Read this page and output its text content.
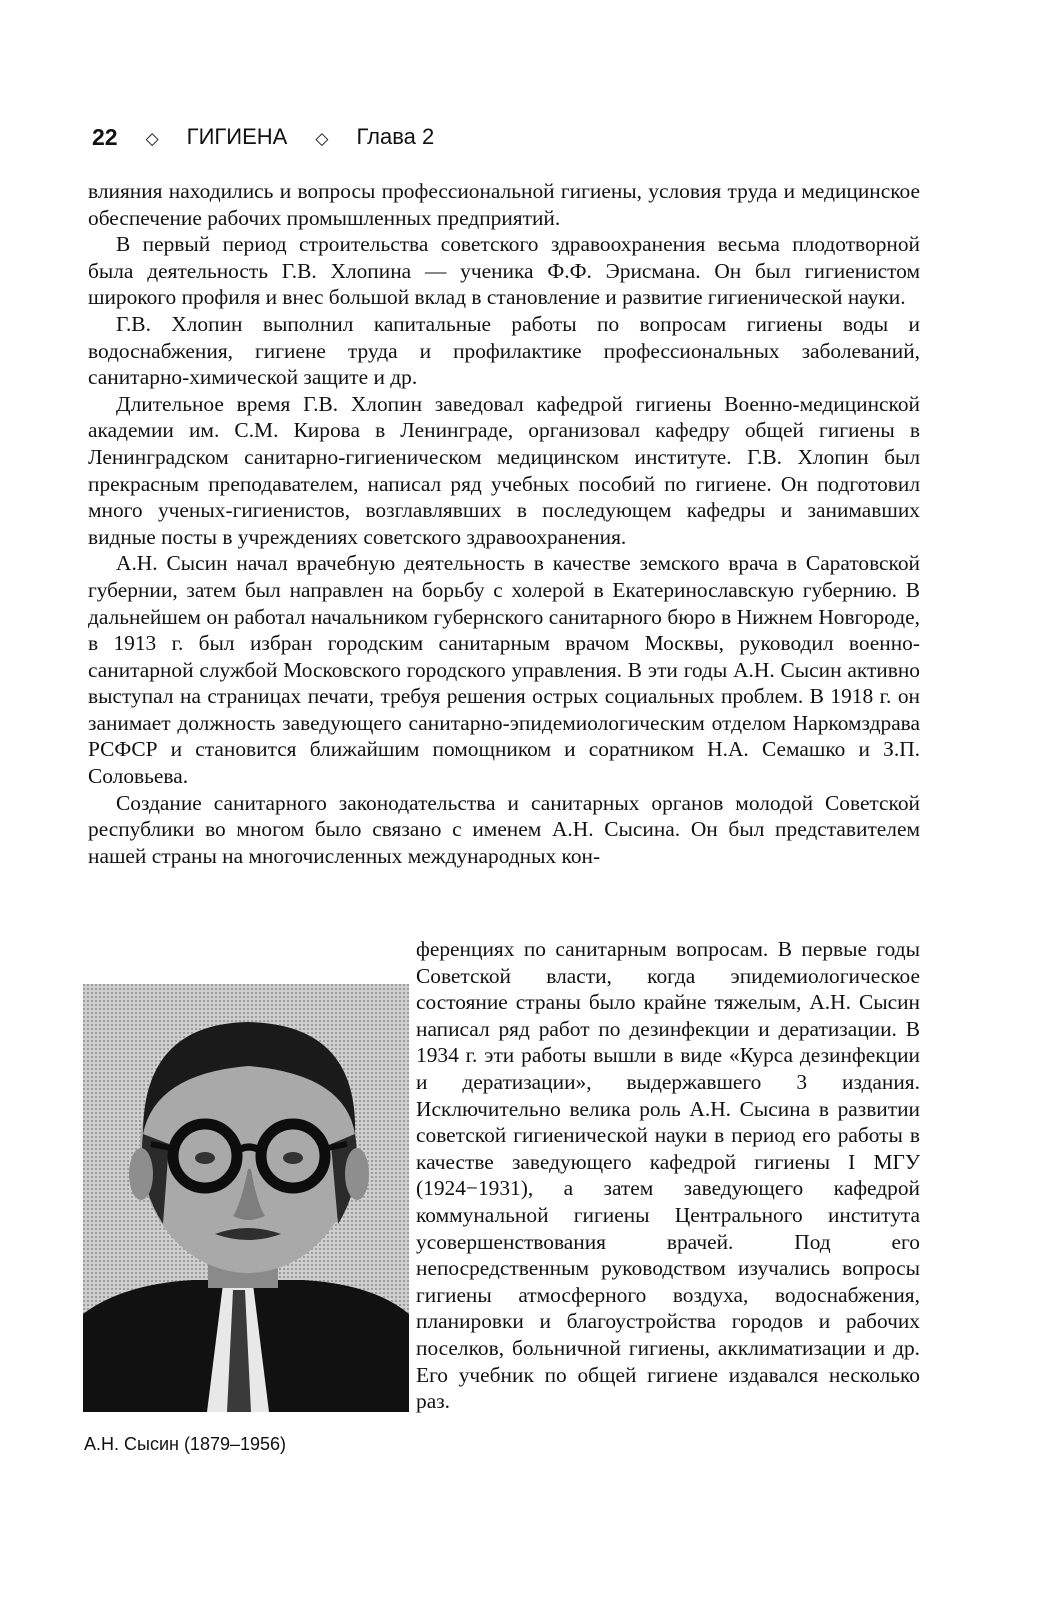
22 ◇ ГИГИЕНА ◇ Глава 2

влияния находились и вопросы профессиональной гигиены, условия труда и медицинское обеспечение рабочих промышленных предприятий.

В первый период строительства советского здравоохранения весьма плодотворной была деятельность Г.В. Хлопина — ученика Ф.Ф. Эрисмана. Он был гигиенистом широкого профиля и внес большой вклад в становление и развитие гигиенической науки.

Г.В. Хлопин выполнил капитальные работы по вопросам гигиены воды и водоснабжения, гигиене труда и профилактике профессиональных заболеваний, санитарно-химической защите и др.

Длительное время Г.В. Хлопин заведовал кафедрой гигиены Военно-медицинской академии им. С.М. Кирова в Ленинграде, организовал кафедру общей гигиены в Ленинградском санитарно-гигиеническом медицинском институте. Г.В. Хлопин был прекрасным преподавателем, написал ряд учебных пособий по гигиене. Он подготовил много ученых-гигиенистов, возглавлявших в последующем кафедры и занимавших видные посты в учреждениях советского здравоохранения.

А.Н. Сысин начал врачебную деятельность в качестве земского врача в Саратовской губернии, затем был направлен на борьбу с холерой в Екатеринославскую губернию. В дальнейшем он работал начальником губернского санитарного бюро в Нижнем Новгороде, в 1913 г. был избран городским санитарным врачом Москвы, руководил военно-санитарной службой Московского городского управления. В эти годы А.Н. Сысин активно выступал на страницах печати, требуя решения острых социальных проблем. В 1918 г. он занимает должность заведующего санитарно-эпидемиологическим отделом Наркомздрава РСФСР и становится ближайшим помощником и соратником Н.А. Семашко и З.П. Соловьева.

Создание санитарного законодательства и санитарных органов молодой Советской республики во многом было связано с именем А.Н. Сысина. Он был представителем нашей страны на многочисленных международных кон-

А.Н. Сысин (1879–1956)

ференциях по санитарным вопросам. В первые годы Советской власти, когда эпидемиологическое состояние страны было крайне тяжелым, А.Н. Сысин написал ряд работ по дезинфекции и дератизации. В 1934 г. эти работы вышли в виде «Курса дезинфекции и дератизации», выдержавшего 3 издания. Исключительно велика роль А.Н. Сысина в развитии советской гигиенической науки в период его работы в качестве заведующего кафедрой гигиены I МГУ (1924−1931), а затем заведующего кафедрой коммунальной гигиены Центрального института усовершенствования врачей. Под его непосредственным руководством изучались вопросы гигиены атмосферного воздуха, водоснабжения, планировки и благоустройства городов и рабочих поселков, больничной гигиены, акклиматизации и др. Его учебник по общей гигиене издавался несколько раз.
